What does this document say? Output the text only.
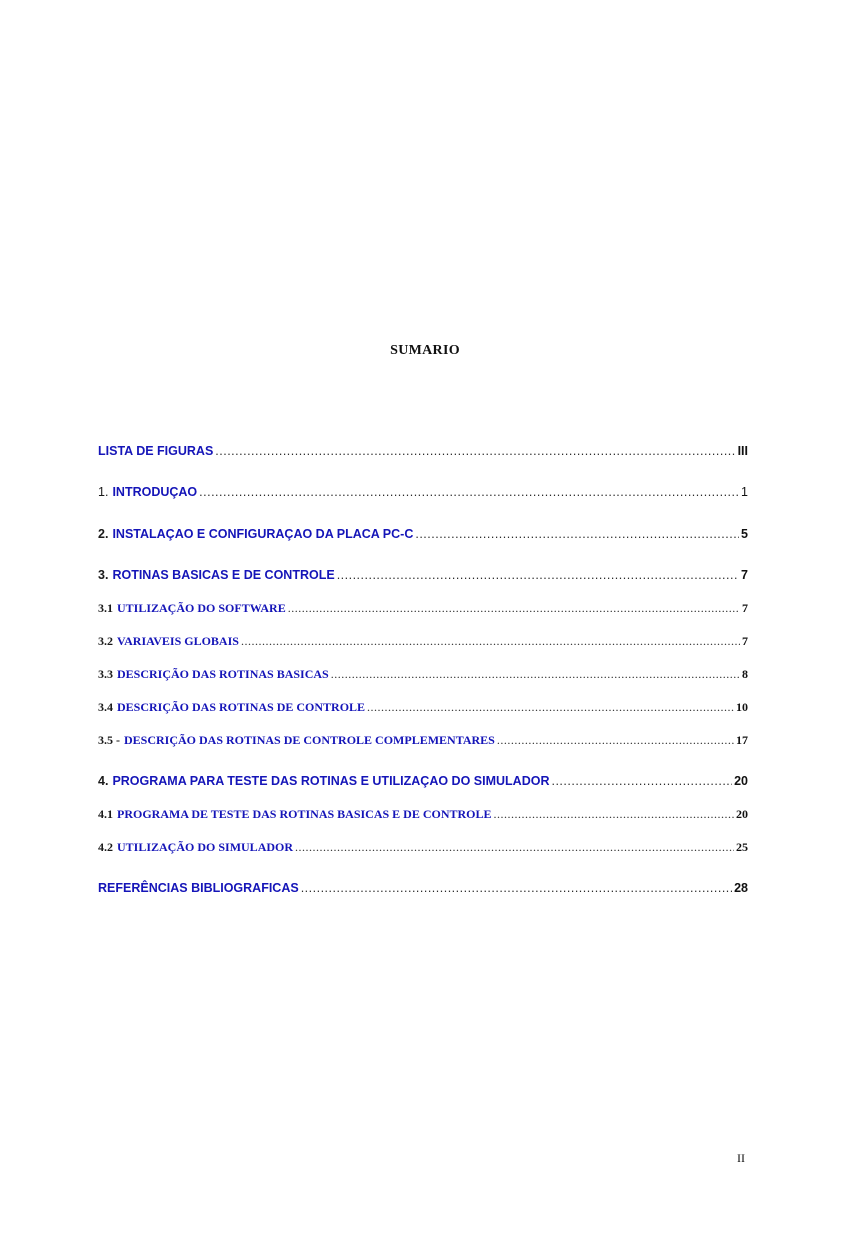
SUMARIO
LISTA DE FIGURAS .....	III
1. INTRODUÇAO .....	1
2. INSTALAÇAO E CONFIGURAÇAO DA PLACA PC-C .....	5
3. ROTINAS BASICAS E DE CONTROLE .....	7
3.1 UTILIZAÇÃO DO SOFTWARE .....	7
3.2 VARIAVEIS GLOBAIS .....	7
3.3 DESCRIÇÃO DAS ROTINAS BASICAS .....	8
3.4 DESCRIÇÃO DAS ROTINAS DE CONTROLE .....	10
3.5 - DESCRIÇÃO DAS ROTINAS DE CONTROLE COMPLEMENTARES .....	17
4. PROGRAMA PARA TESTE DAS ROTINAS E UTILIZAÇAO DO SIMULADOR .....	20
4.1 PROGRAMA DE TESTE DAS ROTINAS BASICAS E DE CONTROLE .....	20
4.2 UTILIZAÇÃO DO SIMULADOR .....	25
REFERÊNCIAS BIBLIOGRAFICAS .....	28
II
